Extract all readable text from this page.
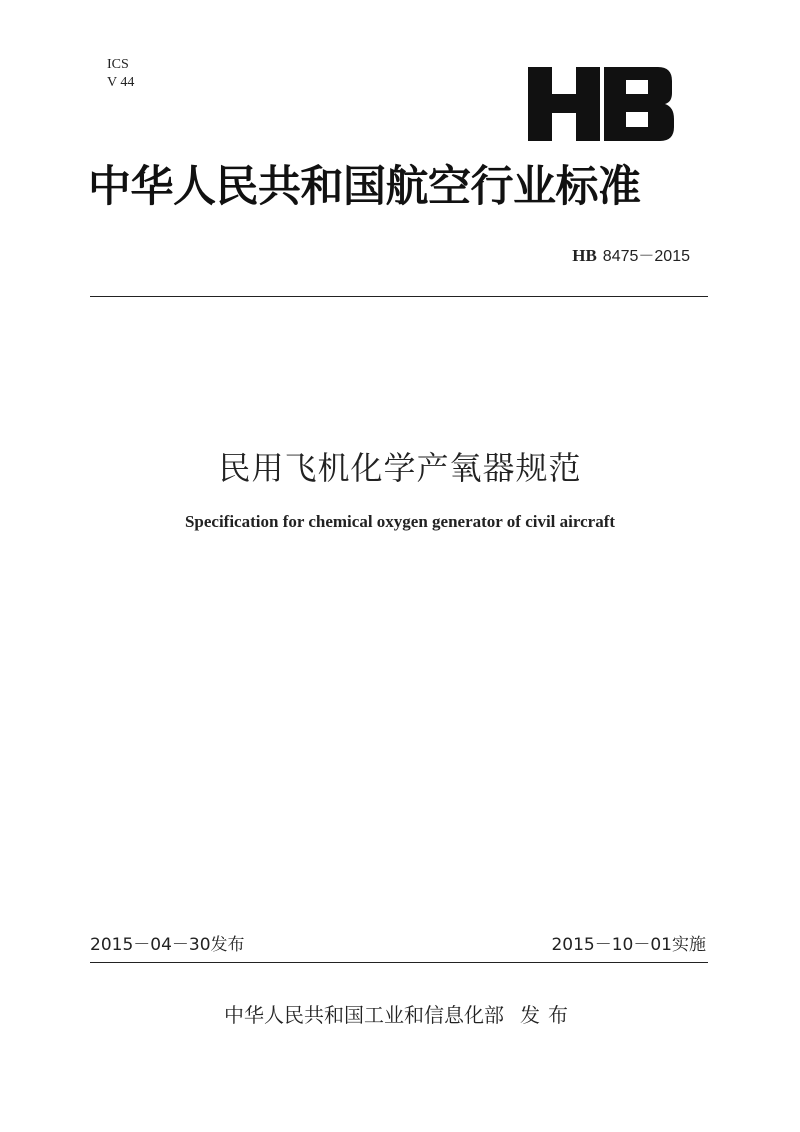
ICS
V 44
中华人民共和国航空行业标准
HB 8475－2015
民用飞机化学产氧器规范
Specification for chemical oxygen generator of civil aircraft
2015－04－30发布	2015－10－01实施
中华人民共和国工业和信息化部 发布
